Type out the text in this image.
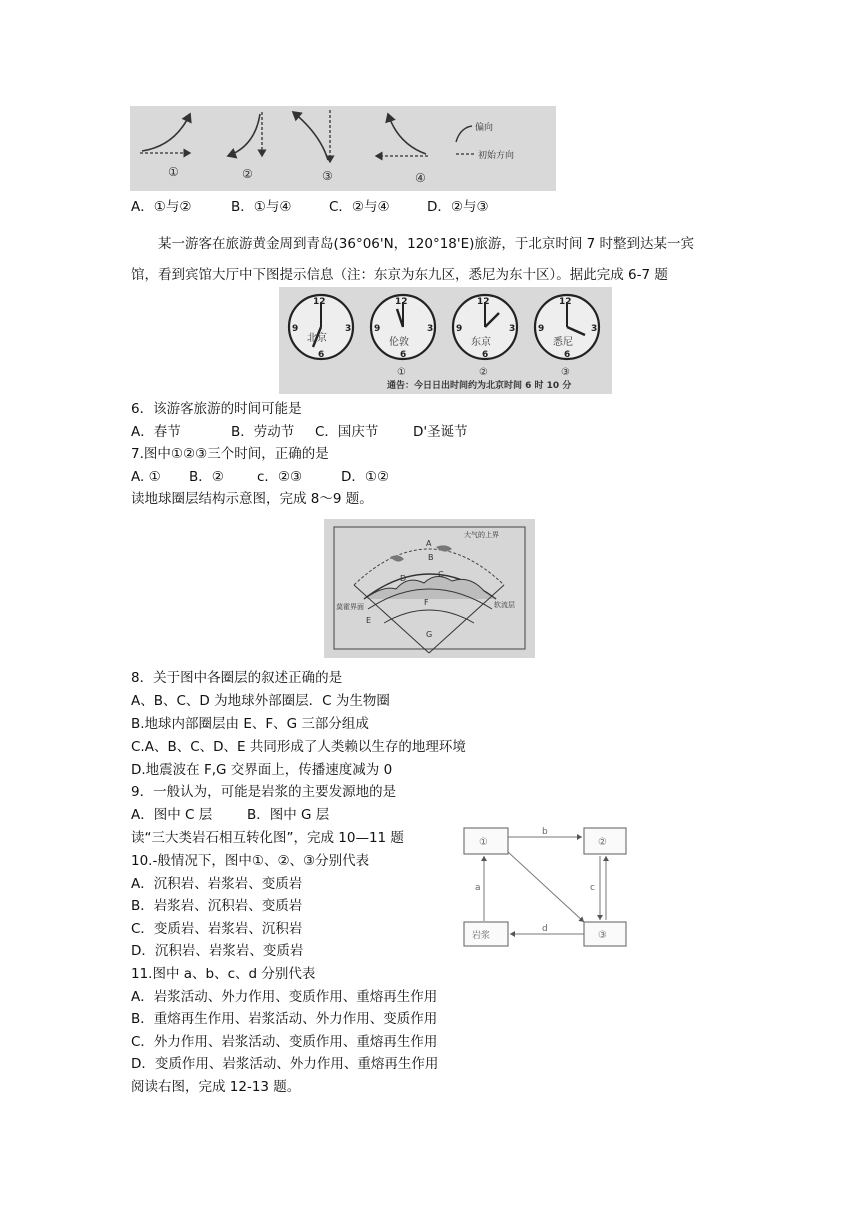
①	②	③	④
偏向
初始方向
A．①与②	B．①与④	C．②与④	D．②与③
某一游客在旅游黄金周到青岛(36°06'N，120°18'E)旅游，于北京时间 7 时整到达某一宾
馆，看到宾馆大厅中下图提示信息（注：东京为东九区，悉尼为东十区）。据此完成 6-7 题
12
9	3
6
北京
12
9	3
6
伦敦
①
12
9	3
6
东京
②
12
9	3
6
悉尼
③
通告：今日日出时间约为北京时间 6 时 10 分
6．该游客旅游的时间可能是
A．春节	B．劳动节 C．国庆节	D'圣诞节
7.图中①②③三个时间，正确的是
A. ① B．② c．②③	D．①②
读地球圈层结构示意图，完成 8～9 题。
大气的上界
A
B
C
D
E
F
G
莫霍界面	软流层
8．关于图中各圈层的叙述正确的是
A、B、C、D 为地球外部圈层．C 为生物圈
B.地球内部圈层由 E、F、G 三部分组成
C.A、B、C、D、E 共同形成了人类赖以生存的地理环境
D.地震波在 F,G 交界面上，传播速度减为 0
9．一般认为，可能是岩浆的主要发源地的是
A．图中 C 层	B．图中 G 层
读“三大类岩石相互转化图”，完成 10—11 题	①	②
③
岩浆
a
b
c
d
10.-般情况下，图中①、②、③分别代表
A．沉积岩、岩浆岩、变质岩
B．岩浆岩、沉积岩、变质岩
C．变质岩、岩浆岩、沉积岩
D．沉积岩、岩浆岩、变质岩
11.图中 a、b、c、d 分别代表
A．岩浆活动、外力作用、变质作用、重熔再生作用
B．重熔再生作用、岩浆活动、外力作用、变质作用
C．外力作用、岩浆活动、变质作用、重熔再生作用
D．变质作用、岩浆活动、外力作用、重熔再生作用
阅读右图，完成 12-13 题。
